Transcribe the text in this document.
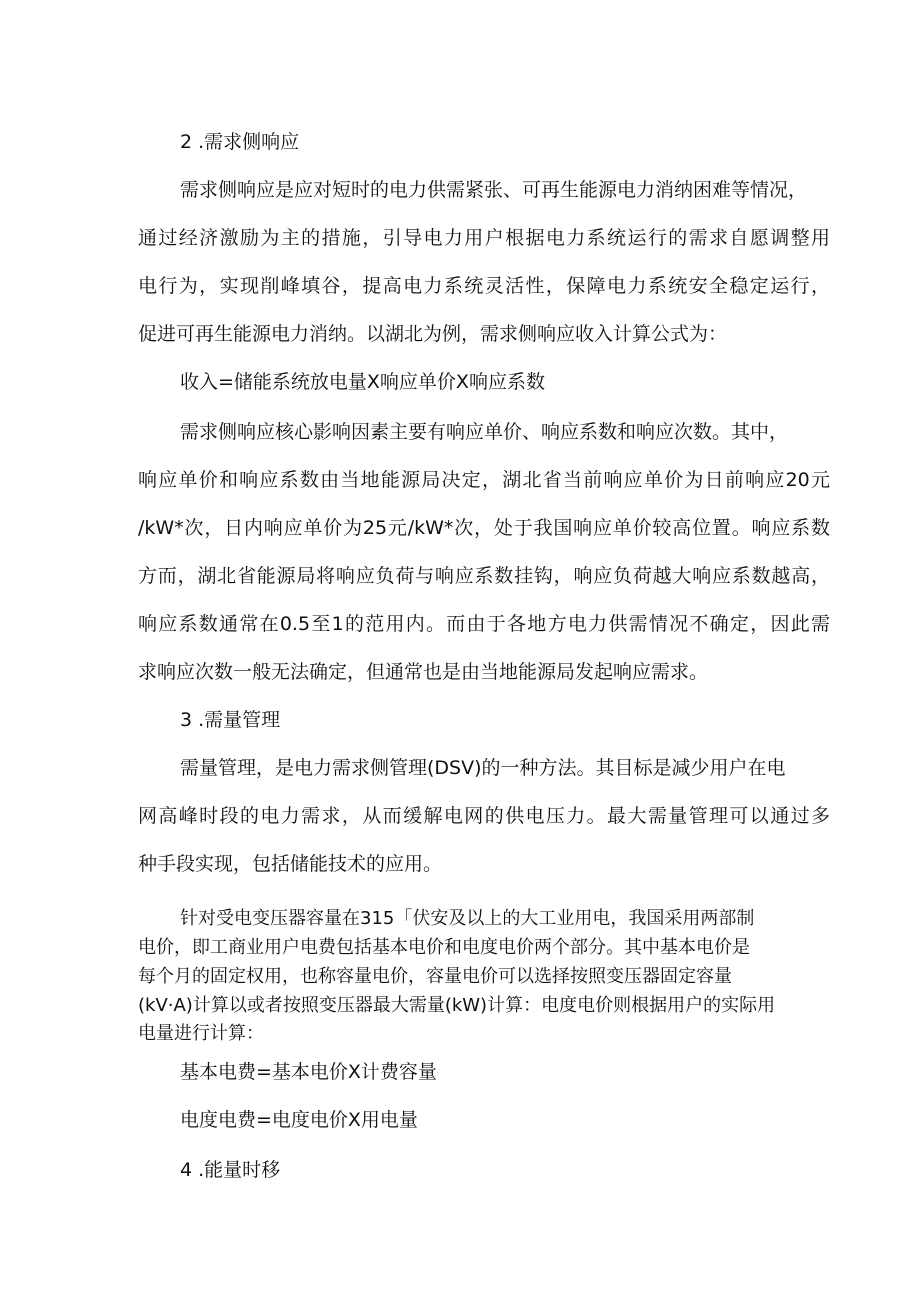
2 .需求侧响应
需求侧响应是应对短时的电力供需紧张、可再生能源电力消纳困难等情况，
通过经济激励为主的措施，引导电力用户根据电力系统运行的需求自愿调整用
电行为，实现削峰填谷，提高电力系统灵活性，保障电力系统安全稳定运行，
促进可再生能源电力消纳。以湖北为例，需求侧响应收入计算公式为：
收入=储能系统放电量X响应单价X响应系数
需求侧响应核心影响因素主要有响应单价、响应系数和响应次数。其中，
响应单价和响应系数由当地能源局决定，湖北省当前响应单价为日前响应20元
∕kW*次，日内响应单价为25元∕kW*次，处于我国响应单价较高位置。响应系数
方而，湖北省能源局将响应负荷与响应系数挂钩，响应负荷越大响应系数越高，
响应系数通常在0.5至1的范用内。而由于各地方电力供需情况不确定，因此需
求响应次数一般无法确定，但通常也是由当地能源局发起响应需求。
3 .需量管理
需量管理，是电力需求侧管理(DSV)的一种方法。其目标是减少用户在电
网高峰时段的电力需求，从而缓解电网的供电压力。最大需量管理可以通过多
种手段实现，包括储能技术的应用。
针对受电变压器容量在315「伏安及以上的大工业用电，我国采用两部制
电价，即工商业用户电费包括基本电价和电度电价两个部分。其中基本电价是
每个月的固定权用，也称容量电价，容量电价可以选择按照变压器固定容量
(kV·A)计算以或者按照变压器最大需量(kW)计算：电度电价则根据用户的实际用
电量进行计算：
基本电费=基本电价X计费容量
电度电费=电度电价X用电量
4 .能量时移
